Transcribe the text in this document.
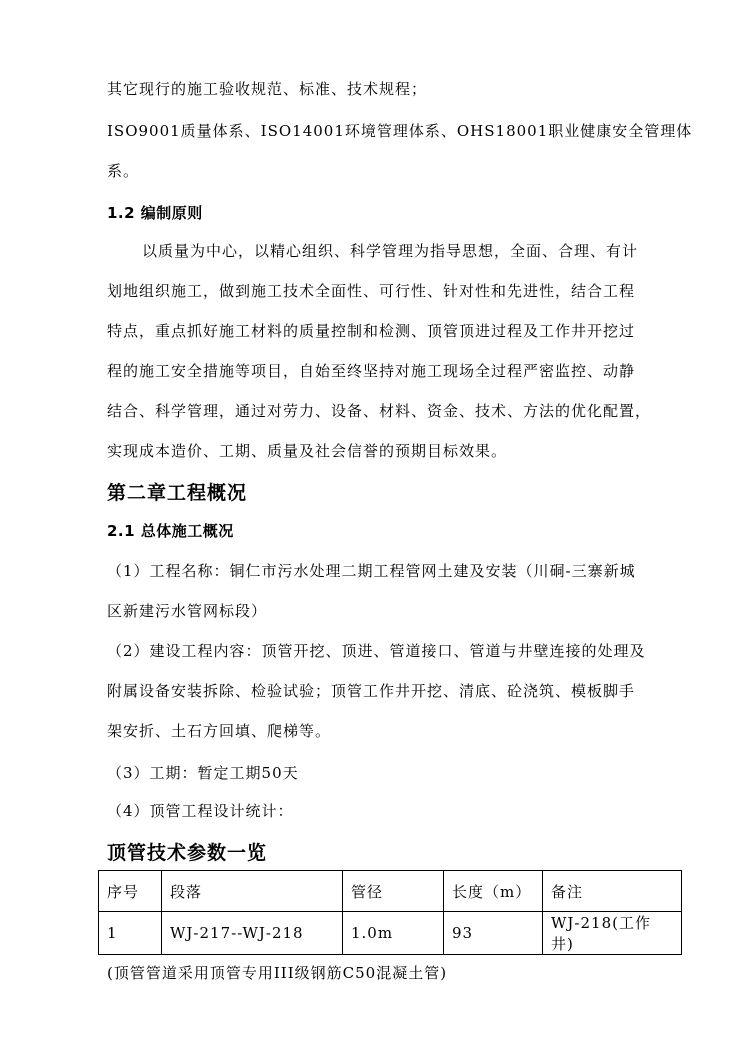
其它现行的施工验收规范、标准、技术规程；
ISO9001质量体系、ISO14001环境管理体系、OHS18001职业健康安全管理体
系。
1.2 编制原则
以质量为中心，以精心组织、科学管理为指导思想，全面、合理、有计
划地组织施工，做到施工技术全面性、可行性、针对性和先进性，结合工程
特点，重点抓好施工材料的质量控制和检测、顶管顶进过程及工作井开挖过
程的施工安全措施等项目，自始至终坚持对施工现场全过程严密监控、动静
结合、科学管理，通过对劳力、设备、材料、资金、技术、方法的优化配置，
实现成本造价、工期、质量及社会信誉的预期目标效果。
第二章工程概况
2.1 总体施工概况
（1）工程名称：铜仁市污水处理二期工程管网土建及安装（川硐-三寨新城
区新建污水管网标段）
（2）建设工程内容：顶管开挖、顶进、管道接口、管道与井壁连接的处理及
附属设备安装拆除、检验试验；顶管工作井开挖、清底、砼浇筑、模板脚手
架安折、土石方回填、爬梯等。
（3）工期：暂定工期50天
（4）顶管工程设计统计：
顶管技术参数一览
序号	段落	管径	长度（m）	备注
1	WJ-217--WJ-218	1.0m	93	WJ-218(工作井)
(顶管管道采用顶管专用III级钢筋C50混凝土管)
